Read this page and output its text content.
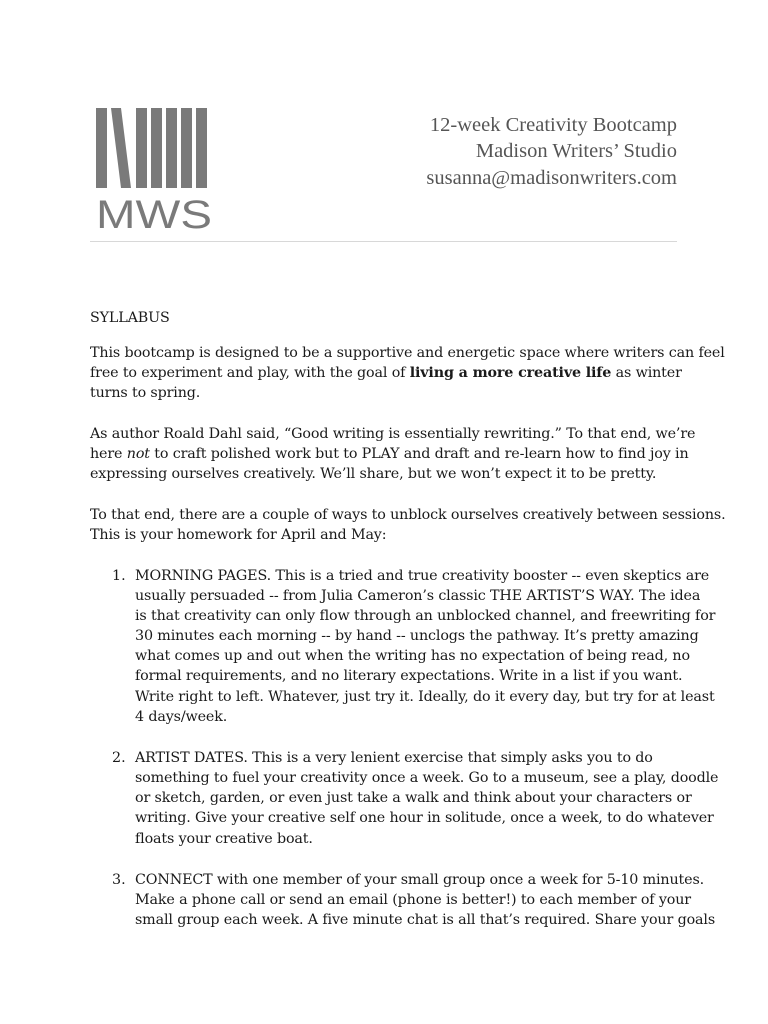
MWS
12-week Creativity Bootcamp
Madison Writers’ Studio
susanna@madisonwriters.com
SYLLABUS
This bootcamp is designed to be a supportive and energetic space where writers can feel
free to experiment and play, with the goal of living a more creative life as winter
turns to spring.
As author Roald Dahl said, “Good writing is essentially rewriting.” To that end, we’re
here not to craft polished work but to PLAY and draft and re-learn how to find joy in
expressing ourselves creatively. We’ll share, but we won’t expect it to be pretty.
To that end, there are a couple of ways to unblock ourselves creatively between sessions.
This is your homework for April and May:
1. MORNING PAGES. This is a tried and true creativity booster -- even skeptics are
usually persuaded -- from Julia Cameron’s classic THE ARTIST’S WAY. The idea
is that creativity can only flow through an unblocked channel, and freewriting for
30 minutes each morning -- by hand -- unclogs the pathway. It’s pretty amazing
what comes up and out when the writing has no expectation of being read, no
formal requirements, and no literary expectations. Write in a list if you want.
Write right to left. Whatever, just try it. Ideally, do it every day, but try for at least
4 days/week.
2. ARTIST DATES. This is a very lenient exercise that simply asks you to do
something to fuel your creativity once a week. Go to a museum, see a play, doodle
or sketch, garden, or even just take a walk and think about your characters or
writing. Give your creative self one hour in solitude, once a week, to do whatever
floats your creative boat.
3. CONNECT with one member of your small group once a week for 5-10 minutes.
Make a phone call or send an email (phone is better!) to each member of your
small group each week. A five minute chat is all that’s required. Share your goals
